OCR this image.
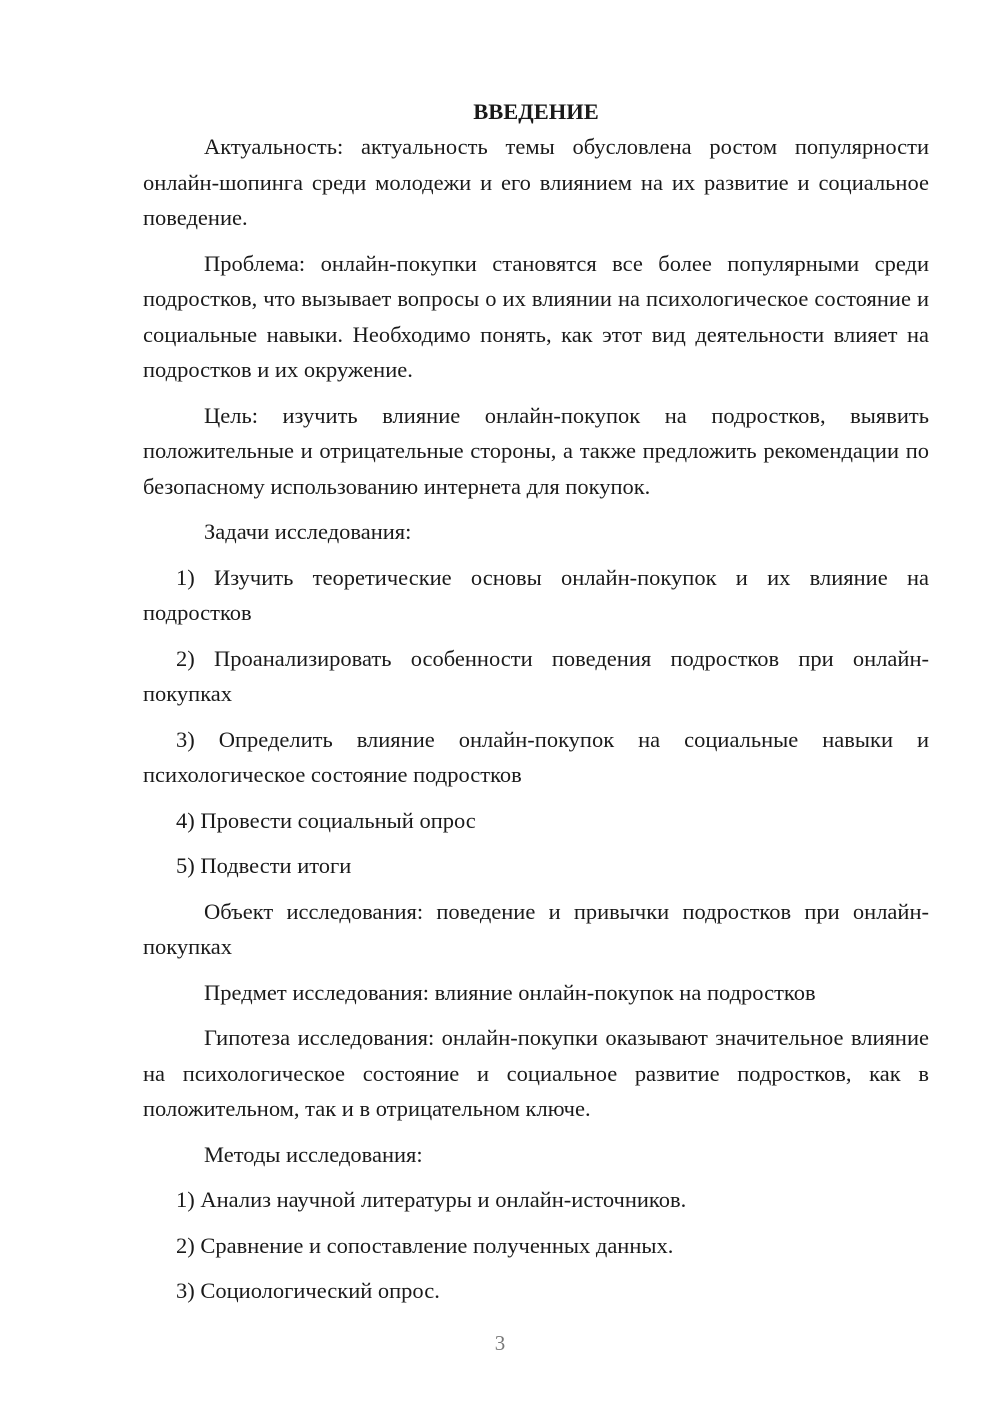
ВВЕДЕНИЕ

Актуальность: актуальность темы обусловлена ростом популярности онлайн-шопинга среди молодежи и его влиянием на их развитие и социальное поведение.

Проблема: онлайн-покупки становятся все более популярными среди подростков, что вызывает вопросы о их влиянии на психологическое состояние и социальные навыки. Необходимо понять, как этот вид деятельности влияет на подростков и их окружение.

Цель: изучить влияние онлайн-покупок на подростков, выявить положительные и отрицательные стороны, а также предложить рекомендации по безопасному использованию интернета для покупок.

Задачи исследования:

1) Изучить теоретические основы онлайн-покупок и их влияние на подростков

2) Проанализировать особенности поведения подростков при онлайн-покупках

3) Определить влияние онлайн-покупок на социальные навыки и психологическое состояние подростков

4) Провести социальный опрос

5) Подвести итоги

Объект исследования: поведение и привычки подростков при онлайн-покупках

Предмет исследования: влияние онлайн-покупок на подростков

Гипотеза исследования: онлайн-покупки оказывают значительное влияние на психологическое состояние и социальное развитие подростков, как в положительном, так и в отрицательном ключе.

Методы исследования:

1) Анализ научной литературы и онлайн-источников.

2) Сравнение и сопоставление полученных данных.

3) Социологический опрос.

3
